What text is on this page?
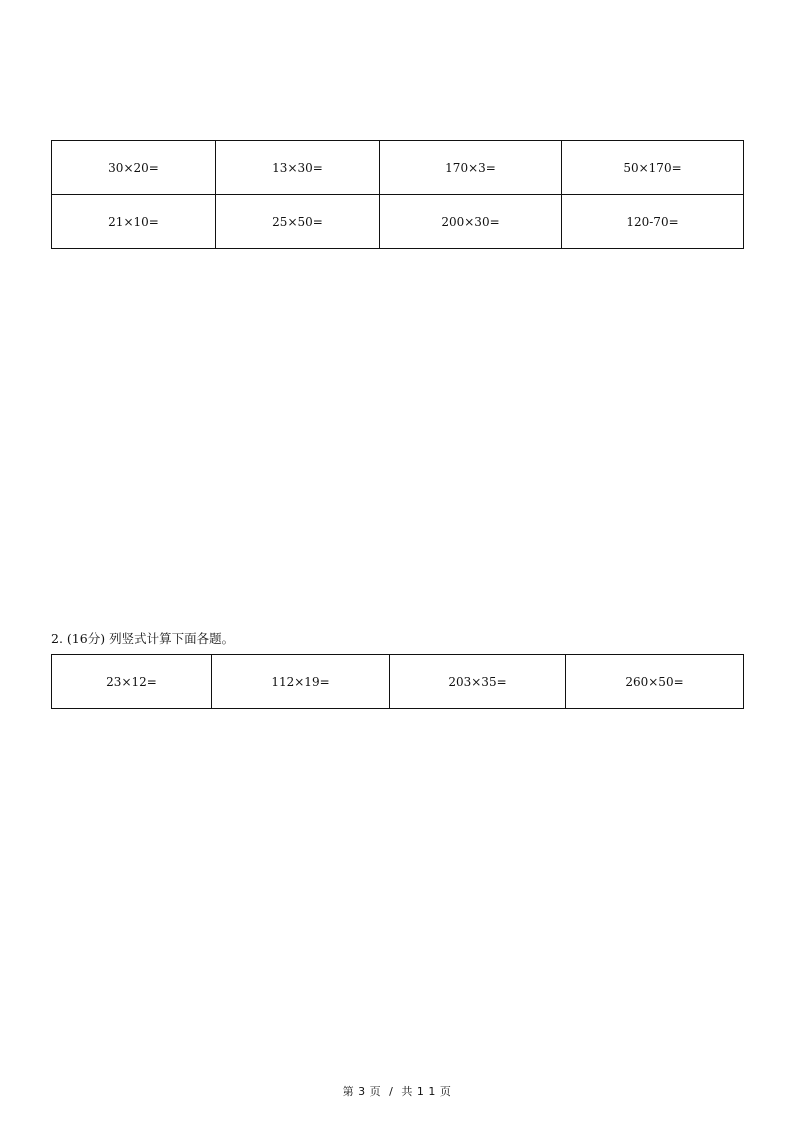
30×20=	13×30=	170×3=	50×170=
21×10=	25×50=	200×30=	120-70=
2. (16分) 列竖式计算下面各题。
23×12=	112×19=	203×35=	260×50=
第 3 页  /  共 1 1 页
